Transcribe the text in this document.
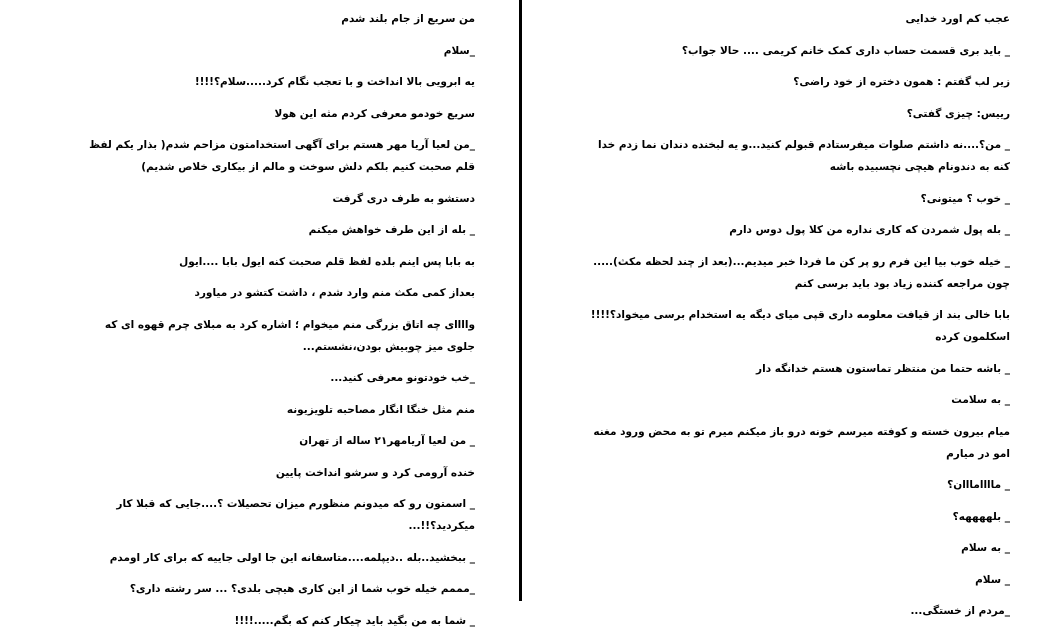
من سریع از جام بلند شدم

_سلام

یه ابرویی بالا انداخت و با تعجب نگام کرد.....سلام؟!!!!

سریع خودمو معرفی کردم مثه این هولا

_من لعیا آریا مهر هستم برای آگهی استخدامتون مزاحم شدم( بذار یکم لفظ قلم صحبت کنیم بلکم دلش سوخت و مالم از بیکاری خلاص شدیم)

دستشو به طرف دری گرفت

_ بله از این طرف خواهش میکنم

به بابا پس اینم بلده لفظ قلم صحبت کنه ایول بابا ....ایول

بعداز کمی مکث منم وارد شدم ، داشت کتشو در میاورد

واااای چه اتاق بزرگی منم میخوام ؛ اشاره کرد به مبلای چرم قهوه ای که جلوی میز چوبیش بودن،نشستم...

_خب خودتونو معرفی کنید...

منم مثل خنگا انگار مصاحبه تلویزیونه

_ من لعیا آریامهر۲۱ ساله از تهران

خنده آرومی کرد و سرشو انداخت پایین

_ اسمتون رو که میدونم منظورم میزان تحصیلات ؟....جایی که قبلا کار میکردید؟!!...

_ ببخشید..بله ..دیپلمه....متاسفانه این جا اولی جاییه که برای کار اومدم

_مممم خیله خوب شما از این کاری هیچی بلدی؟ ... سر رشته داری؟

_ شما به من بگید باید چیکار کنم که بگم.....!!!!

عجب کم اورد خدایی

_ باید بری قسمت حساب داری کمک خانم کریمی .... حالا جواب؟

زیر لب گفتم : همون دختره از خود راضی؟

رییس: چیزی گفتی؟

_ من؟....نه داشتم صلوات میفرستادم قبولم کنید...و یه لبخنده دندان نما زدم خدا کنه به دندونام هیچی نچسبیده باشه

_ خوب ؟ میتونی؟

_ بله پول شمردن که کاری نداره من کلا پول دوس دارم

_ خیله خوب بیا این فرم رو پر کن ما فردا خبر میدیم...(بعد از چند لحظه مکث)..... چون مراجعه کننده زیاد بود باید برسی کنم

بابا خالی بند از قیافت معلومه داری قپی میای دیگه یه استخدام برسی میخواد؟!!!! اسکلمون کرده

_ باشه حتما من منتظر تماستون هستم خدانگه دار

_ به سلامت

میام بیرون خسته و کوفته میرسم خونه درو باز میکنم میرم تو به محض ورود مغنه امو در میارم

_ ماااامااان؟

_ بلههههه؟

_ به سلام

_ سلام

_مردم از خستگی...
